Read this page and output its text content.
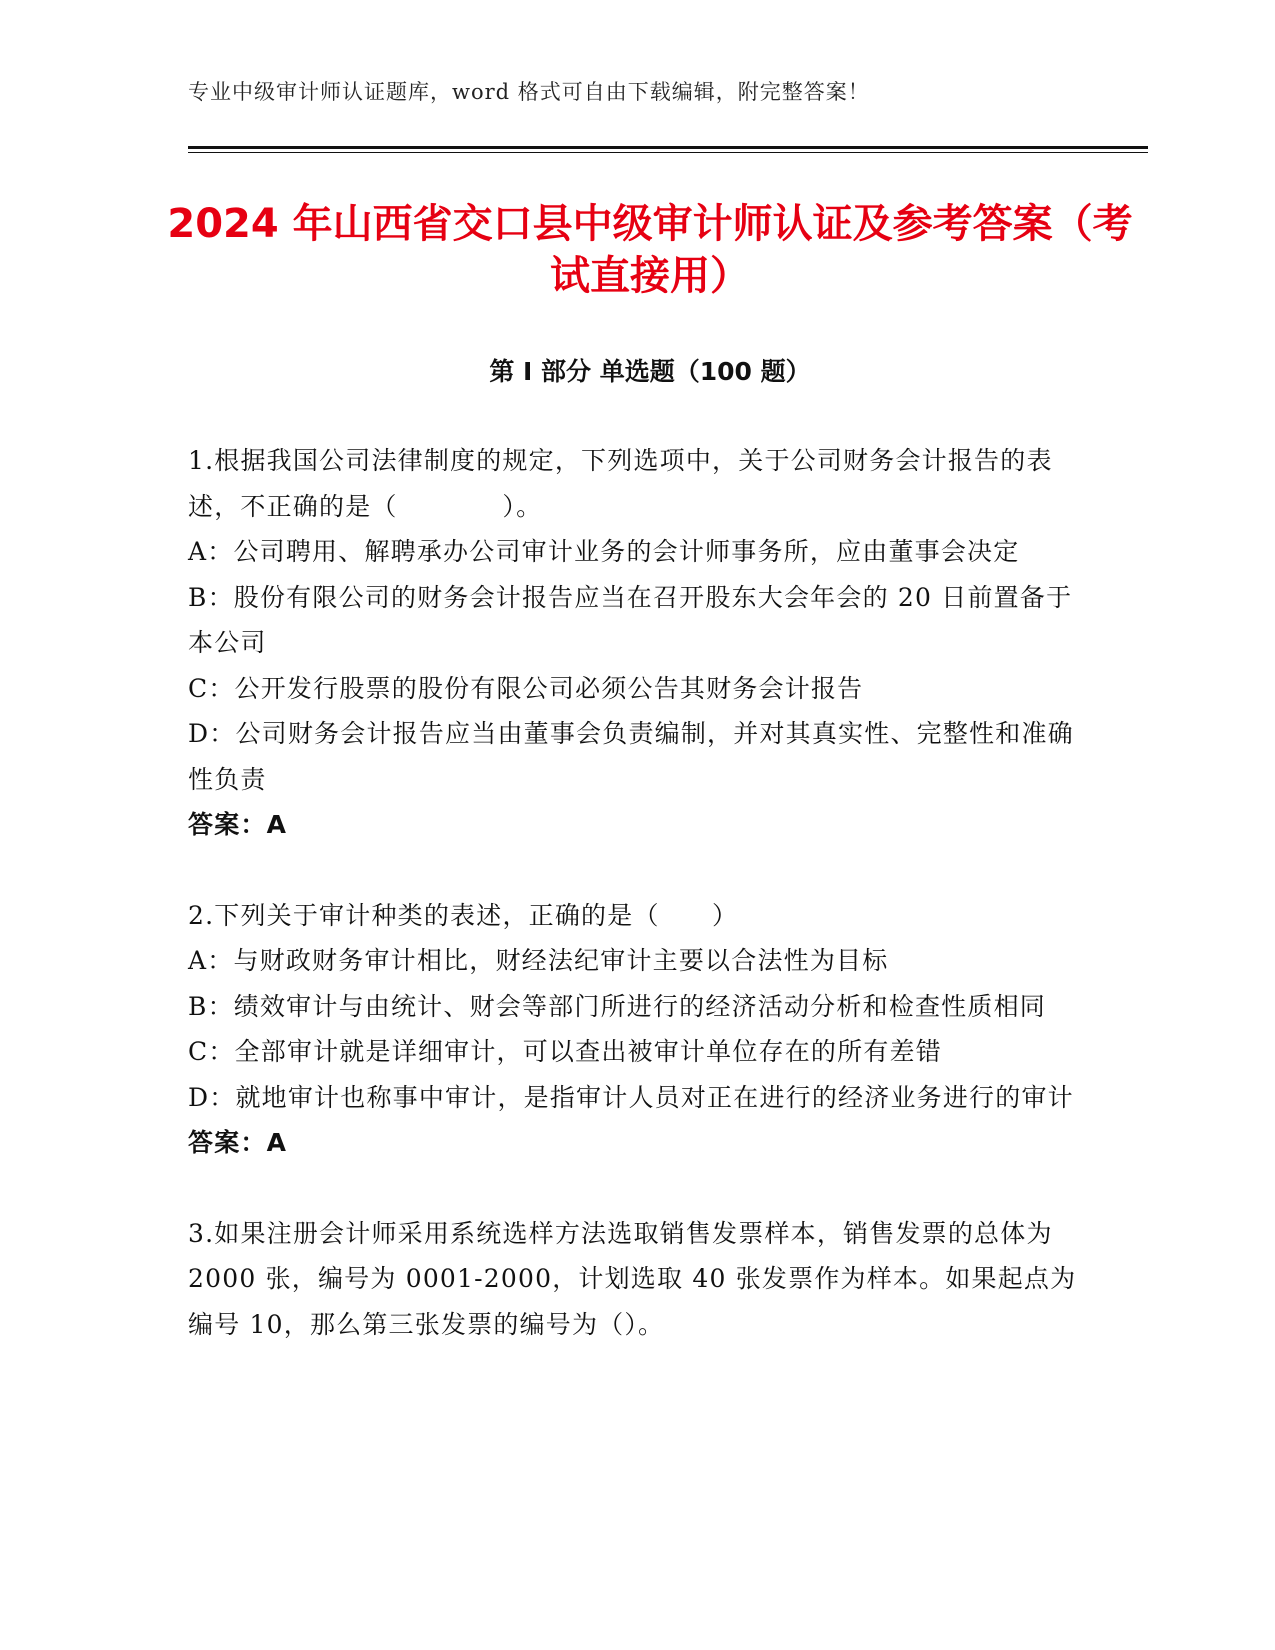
专业中级审计师认证题库，word 格式可自由下载编辑，附完整答案！
2024 年山西省交口县中级审计师认证及参考答案（考试直接用）
第 I 部分 单选题（100 题）

1.根据我国公司法律制度的规定，下列选项中，关于公司财务会计报告的表述，不正确的是（　　　　）。

A：公司聘用、解聘承办公司审计业务的会计师事务所，应由董事会决定

B：股份有限公司的财务会计报告应当在召开股东大会年会的 20 日前置备于本公司

C：公开发行股票的股份有限公司必须公告其财务会计报告

D：公司财务会计报告应当由董事会负责编制，并对其真实性、完整性和准确性负责

答案：A

2.下列关于审计种类的表述，正确的是（　　）

A：与财政财务审计相比，财经法纪审计主要以合法性为目标

B：绩效审计与由统计、财会等部门所进行的经济活动分析和检查性质相同

C：全部审计就是详细审计，可以查出被审计单位存在的所有差错

D：就地审计也称事中审计，是指审计人员对正在进行的经济业务进行的审计

答案：A

3.如果注册会计师采用系统选样方法选取销售发票样本，销售发票的总体为 2000 张，编号为 0001-2000，计划选取 40 张发票作为样本。如果起点为编号 10，那么第三张发票的编号为（）。
